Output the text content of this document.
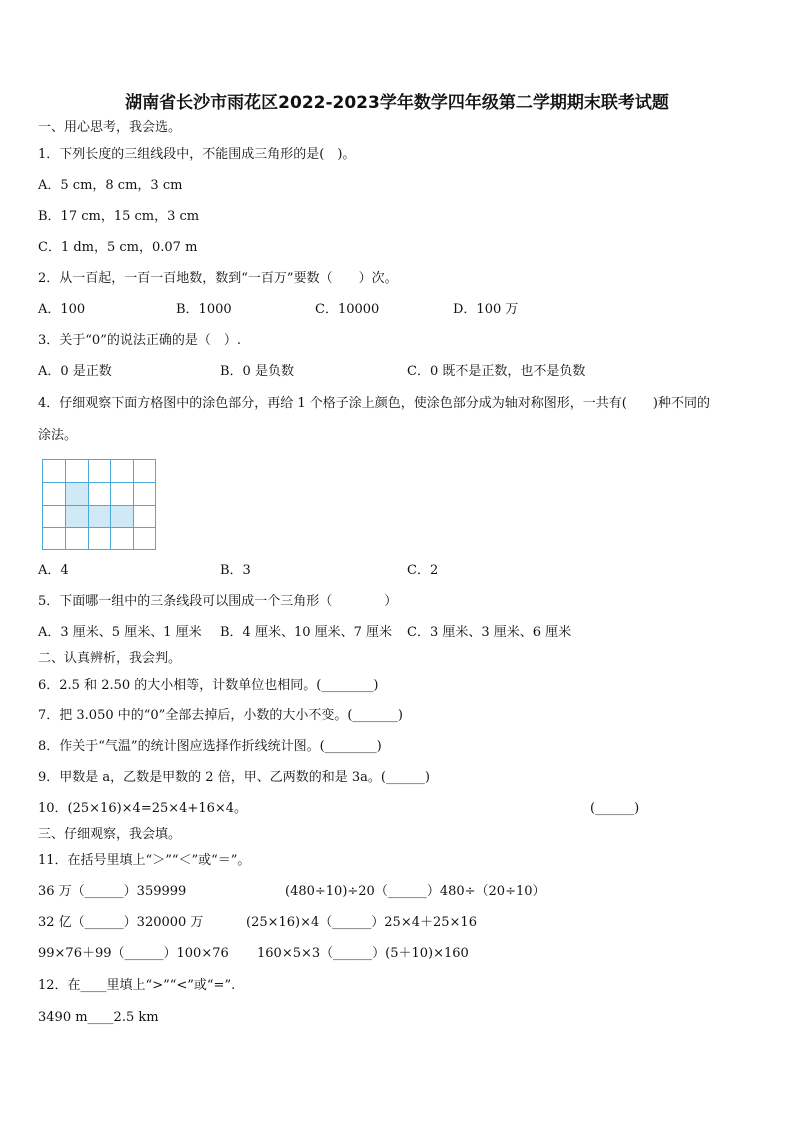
湖南省长沙市雨花区2022-2023学年数学四年级第二学期期末联考试题
一、用心思考，我会选。
1．下列长度的三组线段中，不能围成三角形的是(　)。
A．5 cm，8 cm，3 cm
B．17 cm，15 cm，3 cm
C．1 dm，5 cm，0.07 m
2．从一百起，一百一百地数，数到“一百万”要数（　　）次。
A．100	B．1000	C．10000	D．100 万
3．关于“0”的说法正确的是（　）.
A．0 是正数	B．0 是负数	C．0 既不是正数，也不是负数
4．仔细观察下面方格图中的涂色部分，再给 1 个格子涂上颜色，使涂色部分成为轴对称图形，一共有(　　)种不同的
涂法。
A．4	B．3	C．2
5．下面哪一组中的三条线段可以围成一个三角形（　　　　）
A．3 厘米、5 厘米、1 厘米 B．4 厘米、10 厘米、7 厘米 C．3 厘米、3 厘米、6 厘米
二、认真辨析，我会判。
6．2.5 和 2.50 的大小相等，计数单位也相同。(________)
7．把 3.050 中的“0”全部去掉后，小数的大小不变。(_______)
8．作关于“气温”的统计图应选择作折线统计图。(________)
9．甲数是 a，乙数是甲数的 2 倍，甲、乙两数的和是 3a。(______)
10．(25×16)×4=25×4+16×4。	(______)
三、仔细观察，我会填。
11．在括号里填上“＞”“＜”或“＝”。
36 万（______）359999	(480÷10)÷20（______）480÷（20÷10）
32 亿（______）320000 万	(25×16)×4（______）25×4＋25×16
99×76＋99（______）100×76 160×5×3（______）(5＋10)×160
12．在____里填上“>”“<”或“=”.
3490 m____2.5 km
